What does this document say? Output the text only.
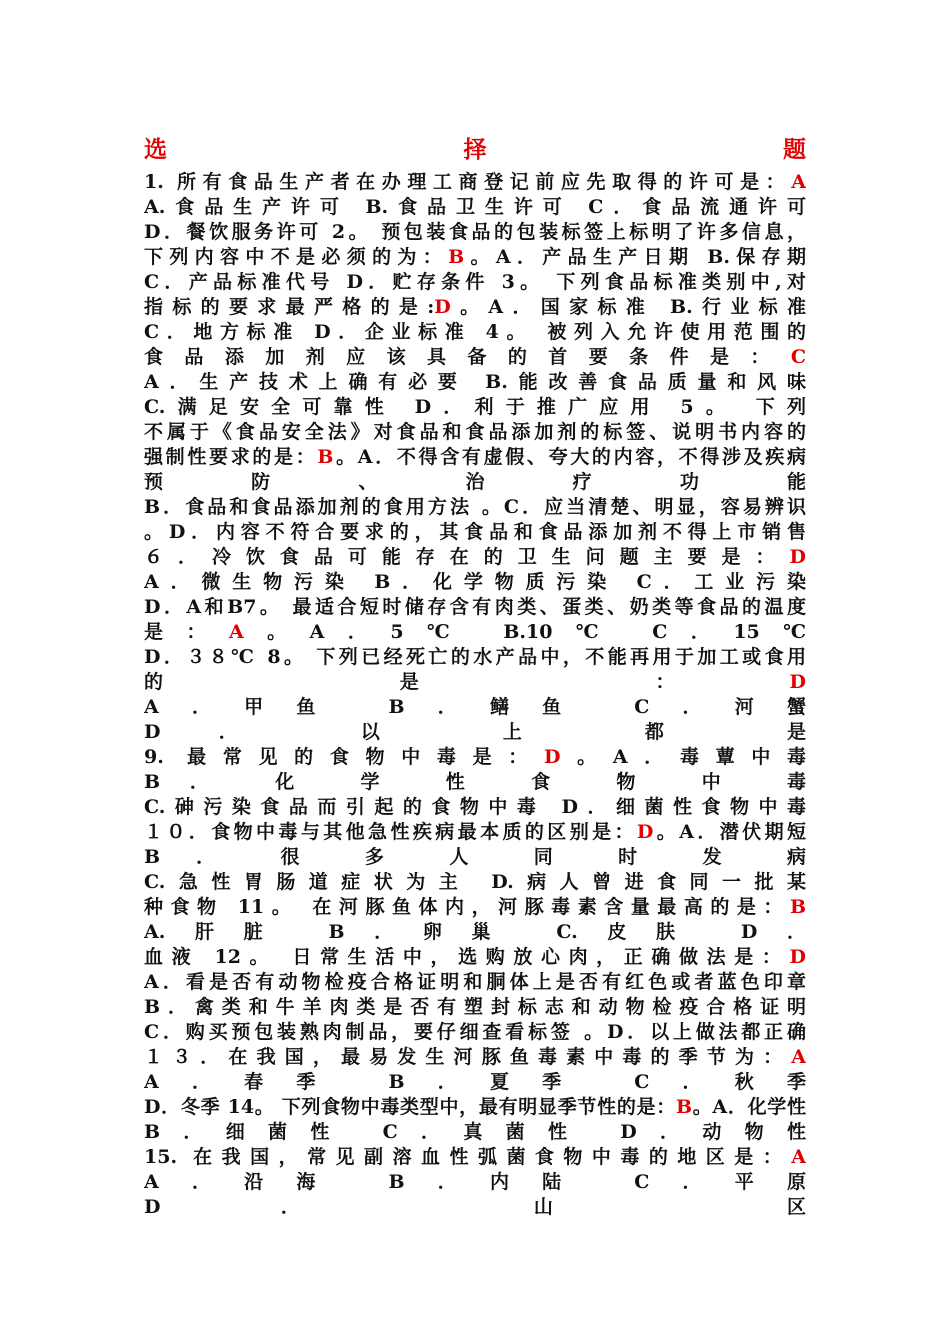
选	择	题
1. 所有食品生产者在办理工商登记前应先取得的许可是：A
A.食品生产许可 B.食品卫生许可 C．食品流通许可
D．餐饮服务许可 2。 预包装食品的包装标签上标明了许多信息，
下列内容中不是必须的为：B。A．产品生产日期 B.保存期
C．产品标准代号 D．贮存条件 3。 下列食品标准类别中,对
指标的要求最严格的是:D。A．国家标准 B.行业标准
C．地方标准 D．企业标准 4。 被列入允许使用范围的
食品添加剂应该具备的首要条件是：C
A．生产技术上确有必要 B.能改善食品质量和风味
C.满足安全可靠性 D．利于推广应用 5。 下列
不属于《食品安全法》对食品和食品添加剂的标签、说明书内容的
强制性要求的是：B。A．不得含有虚假、夸大的内容，不得涉及疾病
预 防 、 治 疗 功 能
B．食品和食品添加剂的食用方法 。C．应当清楚、明显，容易辨识
。D．内容不符合要求的，其食品和食品添加剂不得上市销售
６．冷饮食品可能存在的卫生问题主要是：D
A．微生物污染 B．化学物质污染 C．工业污染
D．A和B7。 最适合短时储存含有肉类、蛋类、奶类等食品的温度
是：A。A．5℃ B.10℃ C．15℃
D．３８℃ 8。 下列已经死亡的水产品中，不能再用于加工或食用
的 是 ：D
A．甲鱼 B．鳝鱼 C．河蟹
D． 以 上 都 是
9. 最常见的食物中毒是：D。A．毒蕈中毒
B． 化 学 性 食 物 中 毒
C.砷污染食品而引起的食物中毒 D．细菌性食物中毒
１０．食物中毒与其他急性疾病最本质的区别是：D。A．潜伏期短
B ． 很 多 人 同 时 发 病
C.急性胃肠道症状为主 D.病人曾进食同一批某
种食物 11。 在河豚鱼体内，河豚毒素含量最高的是：B
A.肝脏 B．卵巢 C.皮肤 D．
血液 12。 日常生活中，选购放心肉，正确做法是：D
A．看是否有动物检疫合格证明和胴体上是否有红色或者蓝色印章
B．禽类和牛羊肉类是否有塑封标志和动物检疫合格证明
C．购买预包装熟肉制品，要仔细查看标签 。D．以上做法都正确
１３．在我国，最易发生河豚鱼毒素中毒的季节为：A
A．春季 B．夏季 C．秋季
D．冬季 14。 下列食物中毒类型中，最有明显季节性的是：B。A．化学性
B．细菌性 C．真菌性 D．动物性
15. 在我国，常见副溶血性弧菌食物中毒的地区是：A
A．沿海 B．内陆 C．平原
D ． 山 区
